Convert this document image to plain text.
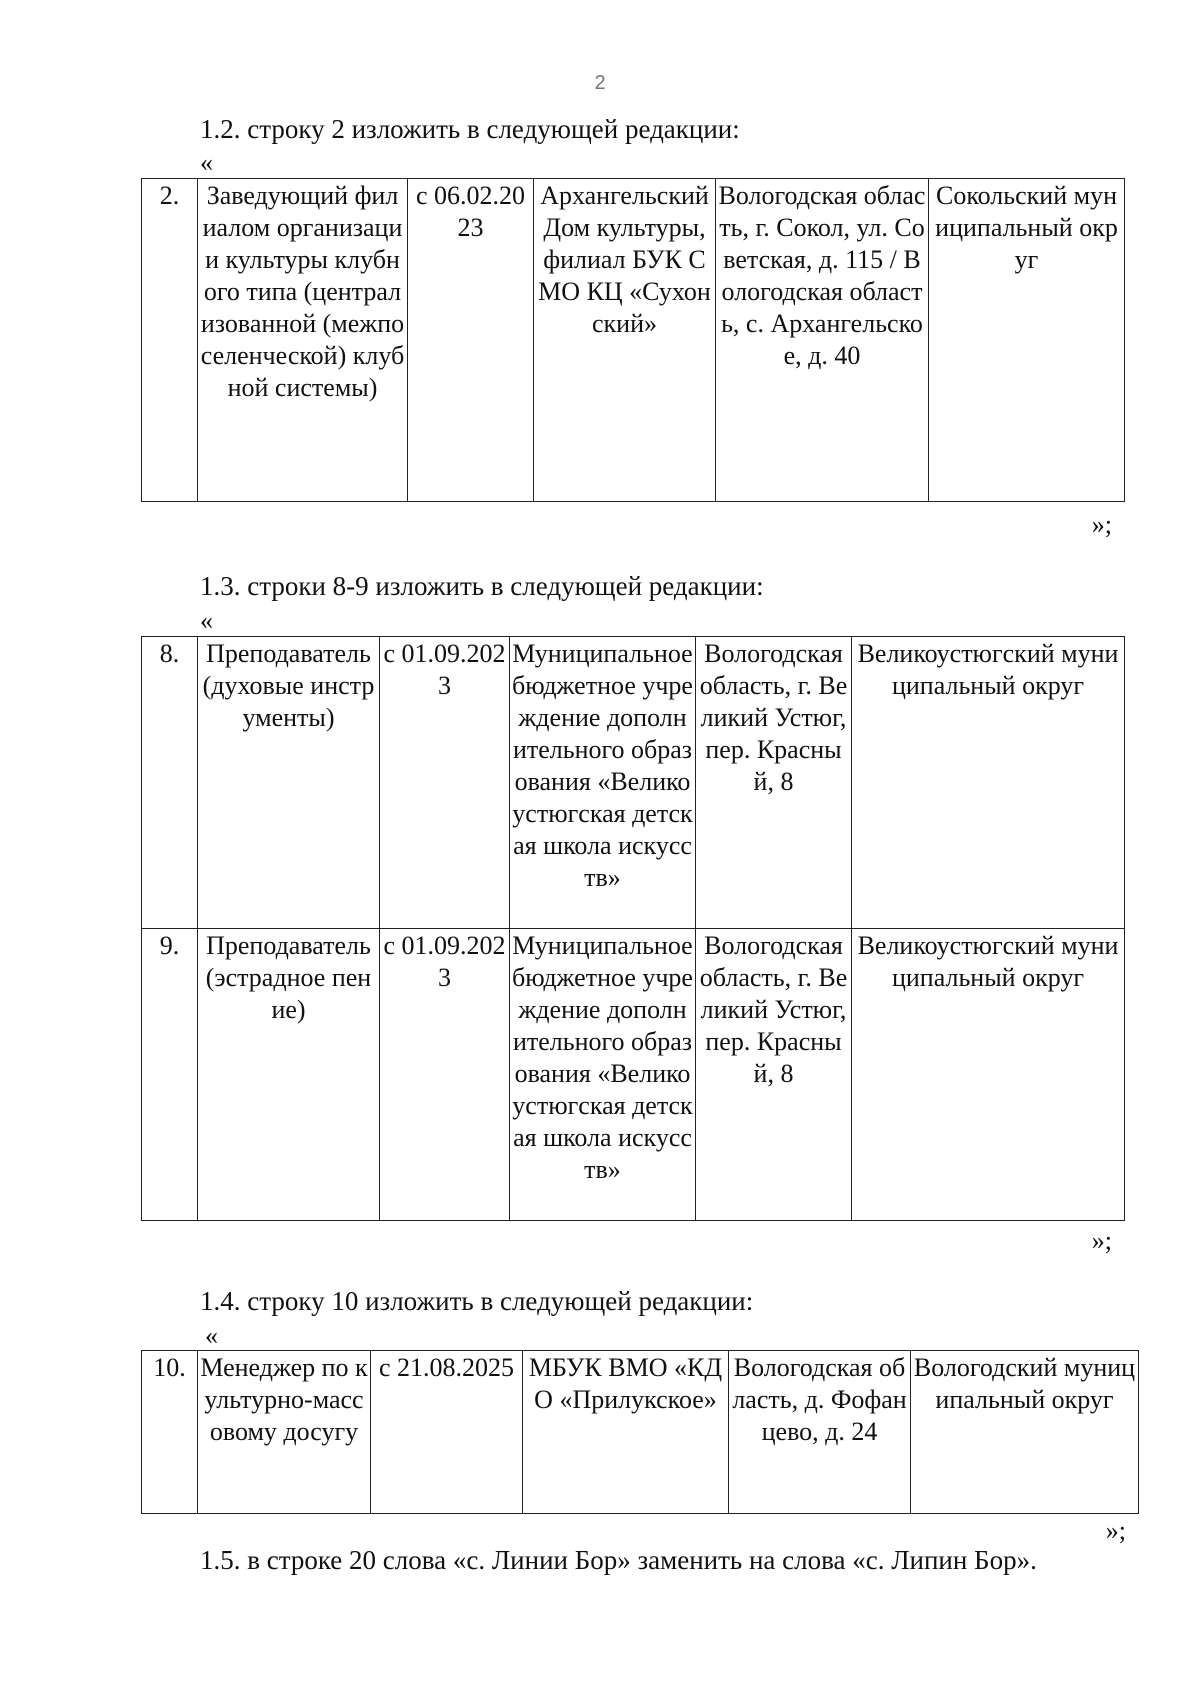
2
1.2. строку 2 изложить в следующей редакции:
«
2.	Заведующий филиалом организации культуры клубного типа (централизованной (межпоселенческой) клубной системы)	с 06.02.2023	Архангельский Дом культуры, филиал БУК СМО КЦ «Сухонский»	Вологодская область, г. Сокол, ул. Советская, д. 115 / Вологодская область, с. Архангельское, д. 40	Сокольский муниципальный округ
»;
1.3. строки 8-9 изложить в следующей редакции:
«
8.	Преподаватель (духовые инструменты)	с 01.09.2023	Муниципальное бюджетное учреждение дополнительного образования «Великоустюгская детская школа искусств»	Вологодская область, г. Великий Устюг, пер. Красный, 8	Великоустюгский муниципальный округ
9.	Преподаватель (эстрадное пение)	с 01.09.2023	Муниципальное бюджетное учреждение дополнительного образования «Великоустюгская детская школа искусств»	Вологодская область, г. Великий Устюг, пер. Красный, 8	Великоустюгский муниципальный округ
»;
1.4. строку 10 изложить в следующей редакции:
«
10.	Менеджер по культурно-массовому досугу	с 21.08.2025	МБУК ВМО «КДО «Прилукское»	Вологодская область, д. Фофанцево, д. 24	Вологодский муниципальный округ
»;
1.5. в строке 20 слова «с. Линии Бор» заменить на слова «с. Липин Бор».
